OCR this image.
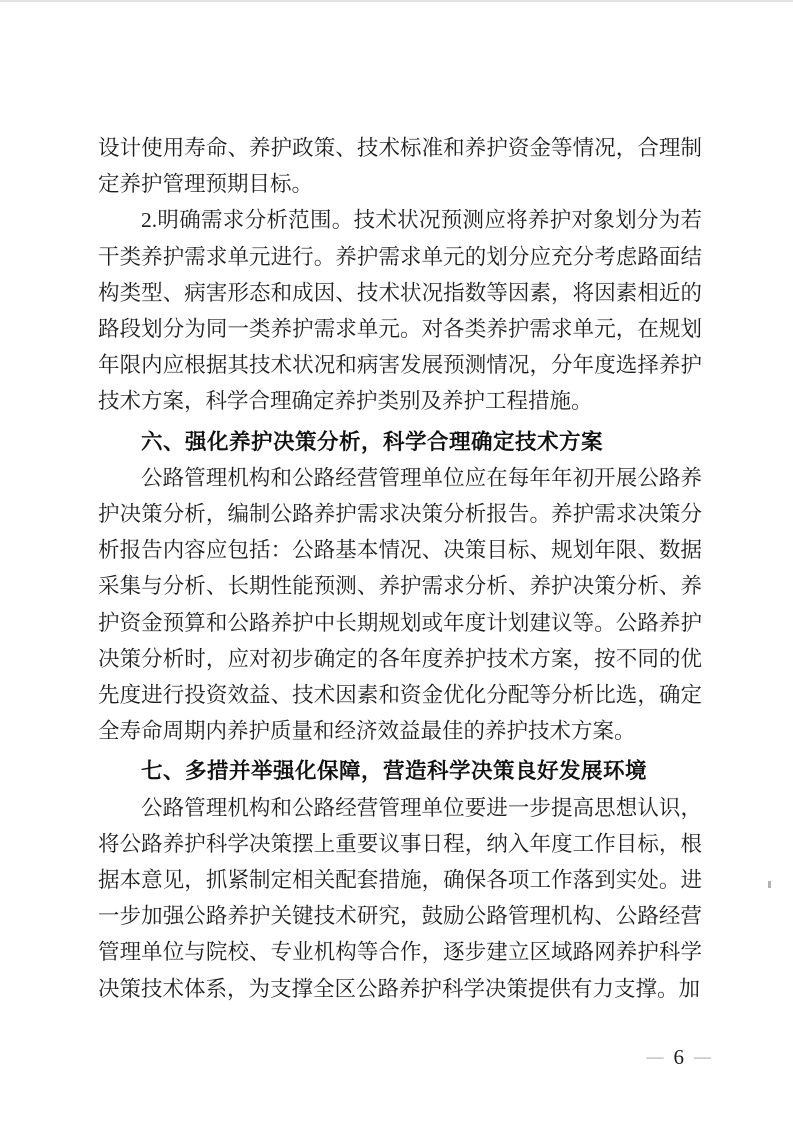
设计使用寿命、养护政策、技术标准和养护资金等情况，合理制定养护管理预期目标。

2.明确需求分析范围。技术状况预测应将养护对象划分为若干类养护需求单元进行。养护需求单元的划分应充分考虑路面结构类型、病害形态和成因、技术状况指数等因素，将因素相近的路段划分为同一类养护需求单元。对各类养护需求单元，在规划年限内应根据其技术状况和病害发展预测情况，分年度选择养护技术方案，科学合理确定养护类别及养护工程措施。

六、强化养护决策分析，科学合理确定技术方案

公路管理机构和公路经营管理单位应在每年年初开展公路养护决策分析，编制公路养护需求决策分析报告。养护需求决策分析报告内容应包括：公路基本情况、决策目标、规划年限、数据采集与分析、长期性能预测、养护需求分析、养护决策分析、养护资金预算和公路养护中长期规划或年度计划建议等。公路养护决策分析时，应对初步确定的各年度养护技术方案，按不同的优先度进行投资效益、技术因素和资金优化分配等分析比选，确定全寿命周期内养护质量和经济效益最佳的养护技术方案。

七、多措并举强化保障，营造科学决策良好发展环境

公路管理机构和公路经营管理单位要进一步提高思想认识，将公路养护科学决策摆上重要议事日程，纳入年度工作目标，根据本意见，抓紧制定相关配套措施，确保各项工作落到实处。进一步加强公路养护关键技术研究，鼓励公路管理机构、公路经营管理单位与院校、专业机构等合作，逐步建立区域路网养护科学决策技术体系，为支撑全区公路养护科学决策提供有力支撑。加

— 6 —
